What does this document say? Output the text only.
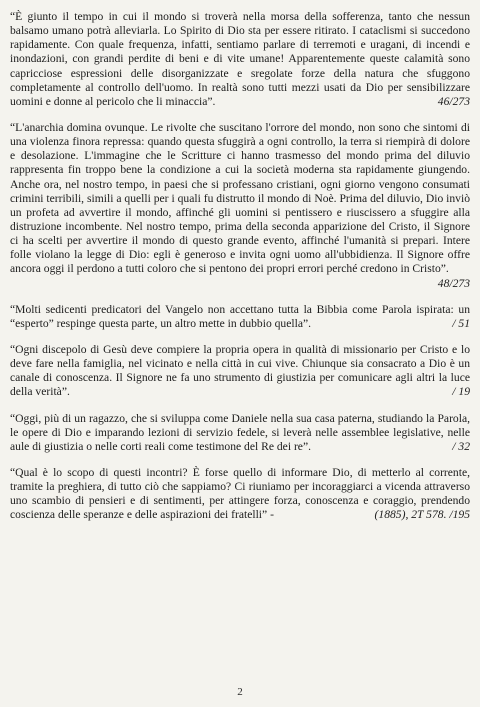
“È giunto il tempo in cui il mondo si troverà nella morsa della sofferenza, tanto che nessun balsamo umano potrà alleviarla. Lo Spirito di Dio sta per essere ritirato. I cataclismi si succedono rapidamente. Con quale frequenza, infatti, sentiamo parlare di terremoti e uragani, di incendi e inondazioni, con grandi perdite di beni e di vite umane! Apparentemente queste calamità sono capricciose espressioni delle disorganizzate e sregolate forze della natura che sfuggono completamente al controllo dell'uomo. In realtà sono tutti mezzi usati da Dio per sensibilizzare uomini e donne al pericolo che li minaccia”.	46/273

“L'anarchia domina ovunque. Le rivolte che suscitano l'orrore del mondo, non sono che sintomi di una violenza finora repressa: quando questa sfuggirà a ogni controllo, la terra si riempirà di dolore e desolazione. L'immagine che le Scritture ci hanno trasmesso del mondo prima del diluvio rappresenta fin troppo bene la condizione a cui la società moderna sta rapidamente giungendo. Anche ora, nel nostro tempo, in paesi che si professano cristiani, ogni giorno vengono consumati crimini terribili, simili a quelli per i quali fu distrutto il mondo di Noè. Prima del diluvio, Dio inviò un profeta ad avvertire il mondo, affinché gli uomini si pentissero e riuscissero a sfuggire alla distruzione incombente. Nel nostro tempo, prima della seconda apparizione del Cristo, il Signore ci ha scelti per avvertire il mondo di questo grande evento, affinché l'umanità si prepari. Intere folle violano la legge di Dio: egli è generoso e invita ogni uomo all'ubbidienza. Il Signore offre ancora oggi il perdono a tutti coloro che si pentono dei propri errori perché credono in Cristo”.
48/273

“Molti sedicenti predicatori del Vangelo non accettano tutta la Bibbia come Parola ispirata: un “esperto” respinge questa parte, un altro mette in dubbio quella”.	/ 51

“Ogni discepolo di Gesù deve compiere la propria opera in qualità di missionario per Cristo e lo deve fare nella famiglia, nel vicinato e nella città in cui vive. Chiunque sia consacrato a Dio è un canale di conoscenza. Il Signore ne fa uno strumento di giustizia per comunicare agli altri la luce della verità”.	/ 19

“Oggi, più di un ragazzo, che si sviluppa come Daniele nella sua casa paterna, studiando la Parola, le opere di Dio e imparando lezioni di servizio fedele, si leverà nelle assemblee legislative, nelle aule di giustizia o nelle corti reali come testimone del Re dei re”.	/ 32

“Qual è lo scopo di questi incontri? È forse quello di informare Dio, di metterlo al corrente, tramite la preghiera, di tutto ciò che sappiamo? Ci riuniamo per incoraggiarci a vicenda attraverso uno scambio di pensieri e di sentimenti, per attingere forza, conoscenza e coraggio, prendendo coscienza delle speranze e delle aspirazioni dei fratelli” -	(1885), 2T 578. /195

2
